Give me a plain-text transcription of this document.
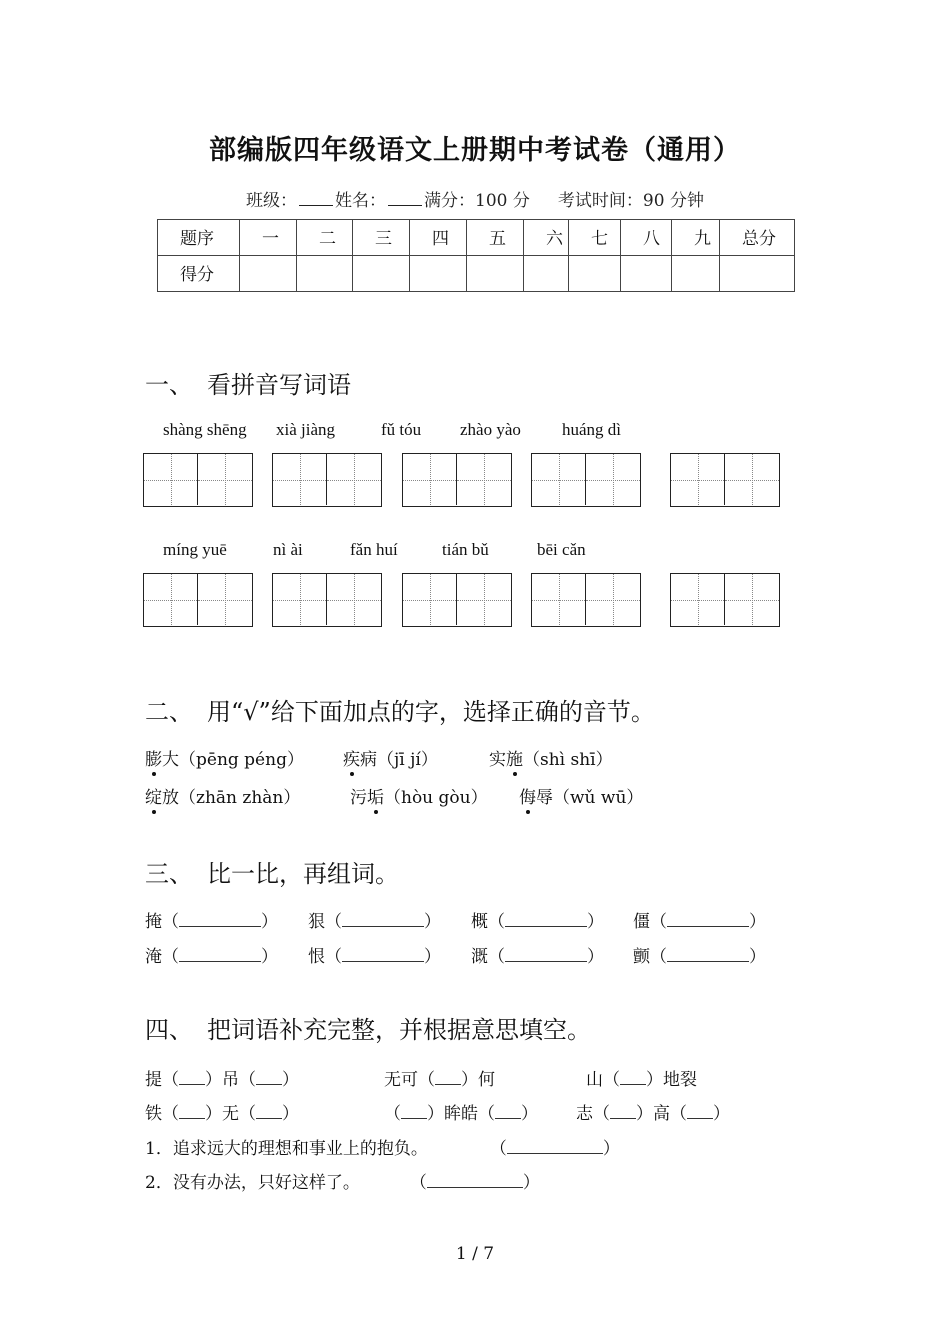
部编版四年级语文上册期中考试卷（通用）
班级： 姓名： 满分：100 分 考试时间：90 分钟
题序	一	二	三	四	五	六	七	八	九	总分
得分										
一、 看拼音写词语
shàng shēng xià jiàng	fǔ tóu zhào yào huáng dì
míng yuē	nì ài	fǎn huí	tián bǔ	bēi cǎn
二、 用“√”给下面加点的字，选择正确的音节。
膨大（pēng péng） 疾病（jī jí）	实施（shì shī）
绽放（zhān zhàn）	污垢（hòu gòu） 侮辱（wǔ wū）
三、 比一比，再组词。
掩（	） 狠（	） 概（	） 僵（	）
淹（	） 恨（	） 溉（	） 颤（	）
四、 把词语补充完整，并根据意思填空。
提（ ）吊（ ）	无可（ ）何	山（ ）地裂
铁（ ）无（ ）	（ ）眸皓（ ） 志（ ）高（ ）
1．追求远大的理想和事业上的抱负。	（	）
2．没有办法，只好这样了。	（	）
1 / 7
